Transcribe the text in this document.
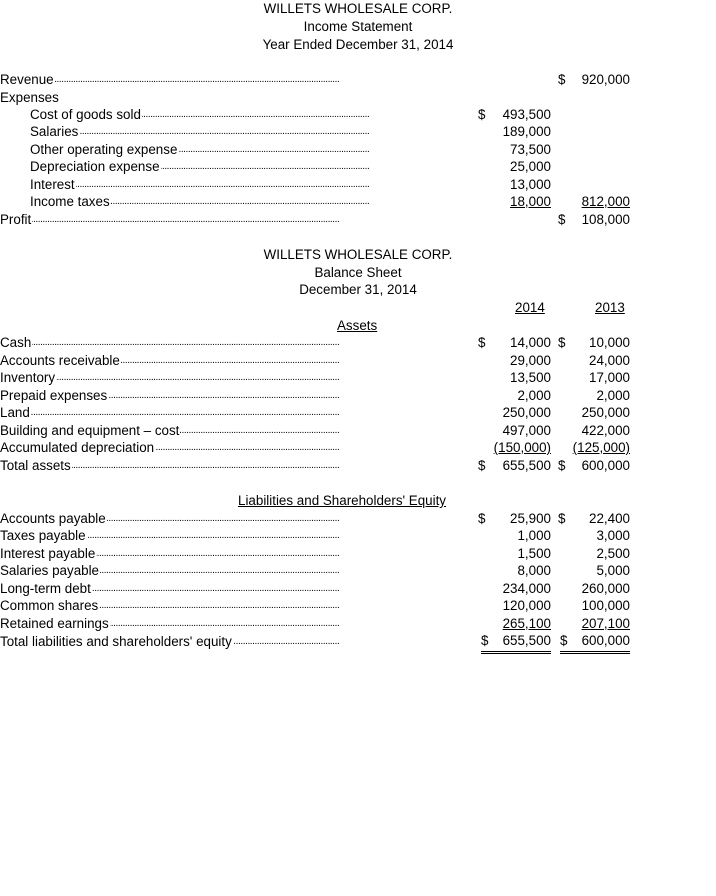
WILLETS WHOLESALE CORP.
Income Statement
Year Ended December 31, 2014
Revenue . . .	$ 920,000
Expenses
Cost of goods sold . . .	$ 493,500
Salaries . . .	189,000
Other operating expense . . .	73,500
Depreciation expense . . .	25,000
Interest . . .	13,000
Income taxes . . .	18,000 812,000
Profit . . .	$ 108,000
WILLETS WHOLESALE CORP.
Balance Sheet
December 31, 2014
2014	2013
Assets
Cash . . .	$ 14,000 $ 10,000
Accounts receivable . . .	29,000	24,000
Inventory . . .	13,500	17,000
Prepaid expenses . . .	2,000	2,000
Land . . .	250,000 250,000
Building and equipment – cost . . .	497,000 422,000
Accumulated depreciation . . .	(150,000) (125,000)
Total assets . . .	$ 655,500 $ 600,000
Liabilities and Shareholders' Equity
Accounts payable . . .	$ 25,900 $ 22,400
Taxes payable . . .	1,000	3,000
Interest payable . . .	1,500	2,500
Salaries payable . . .	8,000	5,000
Long-term debt . . .	234,000 260,000
Common shares . . .	120,000 100,000
Retained earnings . . .	265,100 207,100
Total liabilities and shareholders' equity . . .	$ 655,500 $ 600,000
